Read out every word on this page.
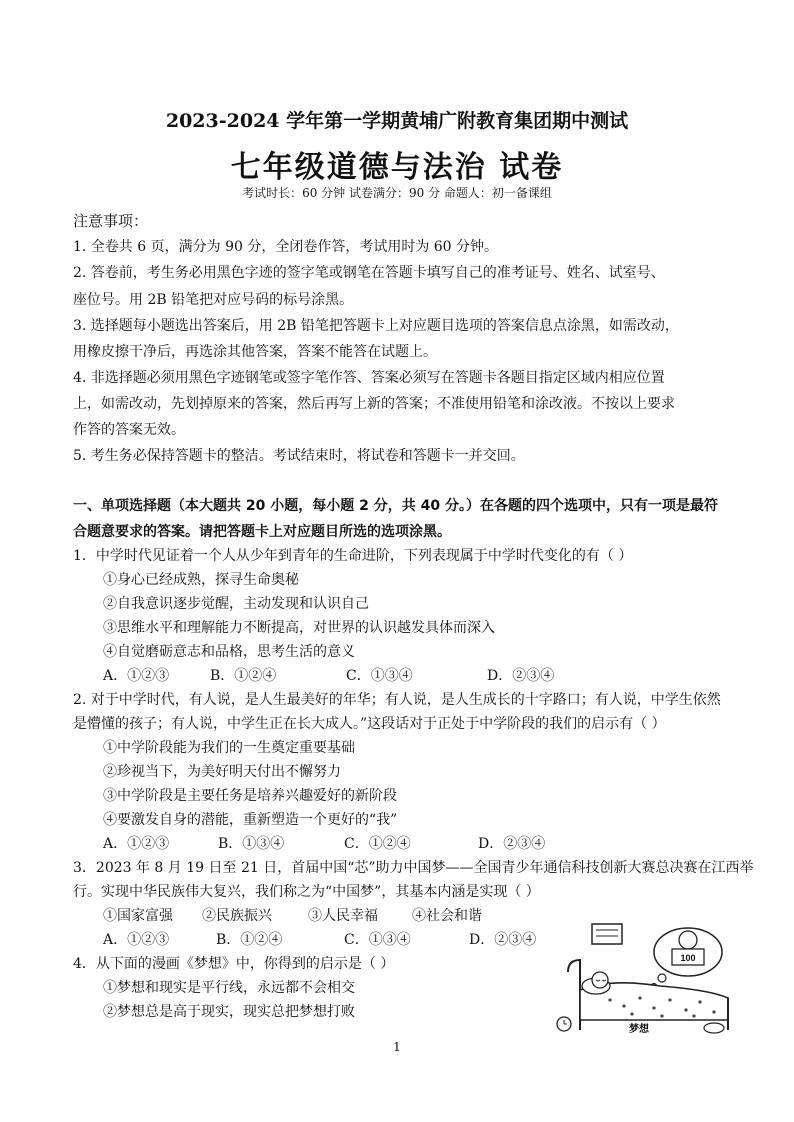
2023-2024 学年第一学期黄埔广附教育集团期中测试
七年级道德与法治 试卷
考试时长：60 分钟 试卷满分：90 分 命题人：初一备课组
注意事项：
1. 全卷共 6 页，满分为 90 分，全闭卷作答，考试用时为 60 分钟。
2. 答卷前，考生务必用黑色字迹的签字笔或钢笔在答题卡填写自己的准考证号、姓名、试室号、
座位号。用 2B 铅笔把对应号码的标号涂黑。
3. 选择题每小题选出答案后，用 2B 铅笔把答题卡上对应题目选项的答案信息点涂黑，如需改动，
用橡皮擦干净后，再选涂其他答案，答案不能答在试题上。
4. 非选择题必须用黑色字迹钢笔或签字笔作答、答案必须写在答题卡各题目指定区域内相应位置
上，如需改动，先划掉原来的答案，然后再写上新的答案；不准使用铅笔和涂改液。不按以上要求
作答的答案无效。
5. 考生务必保持答题卡的整洁。考试结束时，将试卷和答题卡一并交回。
一、单项选择题（本大题共 20 小题，每小题 2 分，共 40 分。）在各题的四个选项中，只有一项是最符
合题意要求的答案。请把答题卡上对应题目所选的选项涂黑。
1．中学时代见证着一个人从少年到青年的生命进阶，下列表现属于中学时代变化的有（ ）
①身心已经成熟，探寻生命奥秘
②自我意识逐步觉醒，主动发现和认识自己
③思维水平和理解能力不断提高，对世界的认识越发具体而深入
④自觉磨砺意志和品格，思考生活的意义
A．①②③	B．①②④	C．①③④	D．②③④
2. 对于中学时代，有人说，是人生最美好的年华；有人说，是人生成长的十字路口；有人说，中学生依然
是懵懂的孩子；有人说，中学生正在长大成人。”这段话对于正处于中学阶段的我们的启示有（ ）
①中学阶段能为我们的一生奠定重要基础
②珍视当下，为美好明天付出不懈努力
③中学阶段是主要任务是培养兴趣爱好的新阶段
④要激发自身的潜能，重新塑造一个更好的“我”
A．①②③	B．①③④	C．①②④	D．②③④
3．2023 年 8 月 19 日至 21 日，首届中国“芯”助力中国梦——全国青少年通信科技创新大赛总决赛在江西举
行。实现中华民族伟大复兴，我们称之为“中国梦”，其基本内涵是实现（ ）
①国家富强 ②民族振兴	③人民幸福 ④社会和谐
A．①②③	B．①②④	C．①③④	D．②③④
4．从下面的漫画《梦想》中，你得到的启示是（ ）
①梦想和现实是平行线，永远都不会相交
②梦想总是高于现实，现实总把梦想打败
100
梦想
1
